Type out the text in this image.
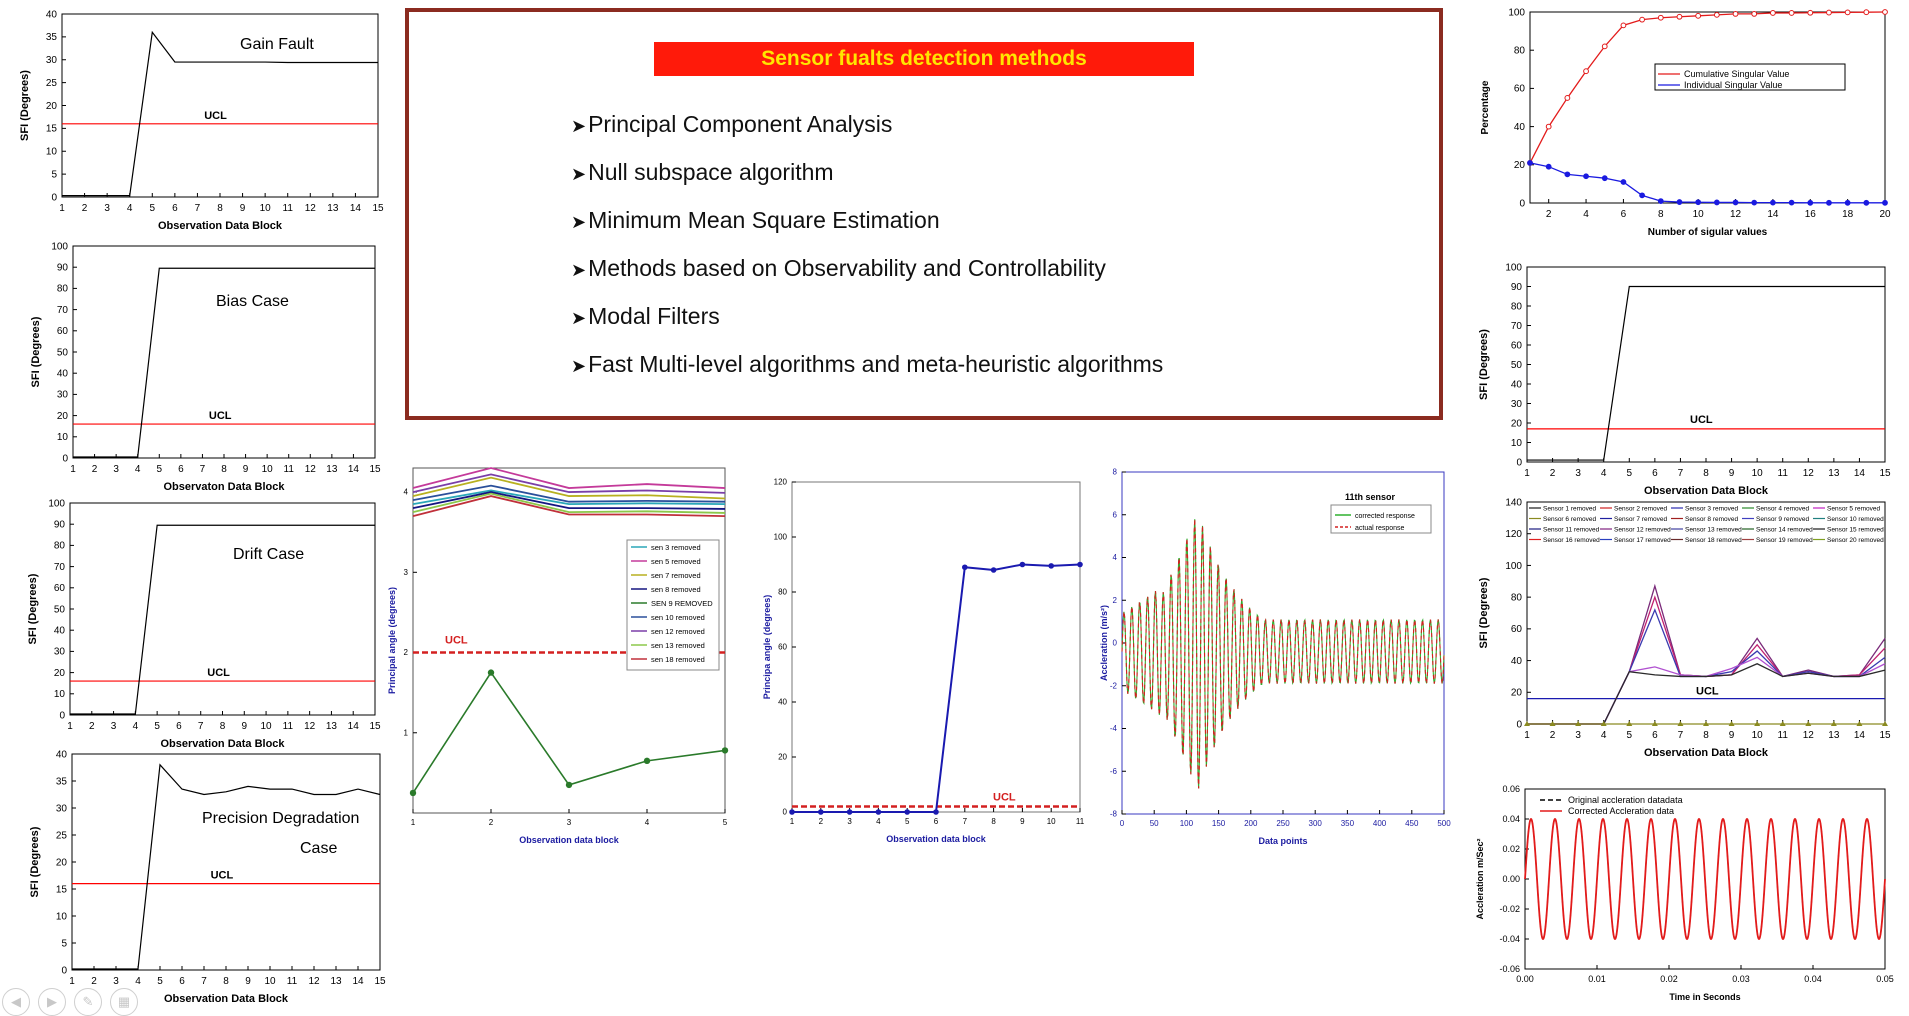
1 2 3 4 5 6 7 8 9 10 11 12 13 14 15
0
5
10
15
20
25
30
35
40
Observation Data Block
SFI (Degrees)	UCL
Gain Fault
1 2 3 4 5 6 7 8 9 10 11 12 13 14 15
0
10
20
30
40
50
60
70
80
90
100
Observaton Data Block
SFI (Degrees)
UCL
Bias Case
1 2 3 4 5 6 7 8 9 10 11 12 13 14 15
0
10
20
30
40
50
60
70
80
90
100
Observation Data Block
SFI (Degrees)
UCL
Drift Case
1 2 3 4 5 6 7 8 9 10 11 12 13 14 15
0
5
10
15
20
25
30
35
40
Observation Data Block
SFI (Degrees)	UCL
Precision Degradation
Case
Sensor fualts detection methods
➤Principal Component Analysis
➤Null subspace algorithm
➤Minimum Mean Square Estimation
➤Methods based on Observability and Controllability
➤Modal Filters
➤Fast Multi-level algorithms and meta-heuristic algorithms
1	2	3	4	5
1
2
3
4
Observation data block
Principal angle (degrees)	UCL
sen 3 removed
sen 5 removed
sen 7 removed
sen 8 removed
SEN 9 REMOVED
sen 10 removed
sen 12 removed
sen 13 removed
sen 18 removed
1	2	3	4	5	6	7	8	9	10	11
0
20
40
60
80
100
120
Observation data block
Principa angle (degrees)
UCL
0	50	100 150 200 250 300 350 400 450 500
-8
-6
-4
-2
0
2
4
6
8
Data points
Accleration (m/s²)
11th sensor
corrected response
actual response
2	4	6	8	10	12	14	16	18	20
0
20
40
60
80
100
Number of sigular values
Percentage
Cumulative Singular Value
Individual Singular Value
1 2 3 4 5 6 7 8 9 10 11 12 13 14 15
0
10
20
30
40
50
60
70
80
90
100
Observation Data Block
SFI (Degrees)
UCL
1 2 3 4 5 6 7 8 9 10 11 12 13 14 15
0
20
40
60
80
100
120
140
Observation Data Block
SFI (Degrees)
UCL
Sensor 1 removed	Sensor 2 removed	Sensor 3 removed	Sensor 4 removed	Sensor 5 removed
Sensor 6 removed	Sensor 7 removed	Sensor 8 removed	Sensor 9 removed	Sensor 10 removed
Sensor 11 removed Sensor 12 removed Sensor 13 removed Sensor 14 removed Sensor 15 removed
Sensor 16 removed Sensor 17 removed Sensor 18 removed Sensor 19 removed Sensor 20 removed
0.00	0.01	0.02	0.03	0.04	0.05
0.06
0.04
0.02
0.00
-0.02
-0.04
-0.06
Time in Seconds
Accleration m/Sec²
Original accleration datadata
Corrected Accleration data
◀	▶	✎	▦
